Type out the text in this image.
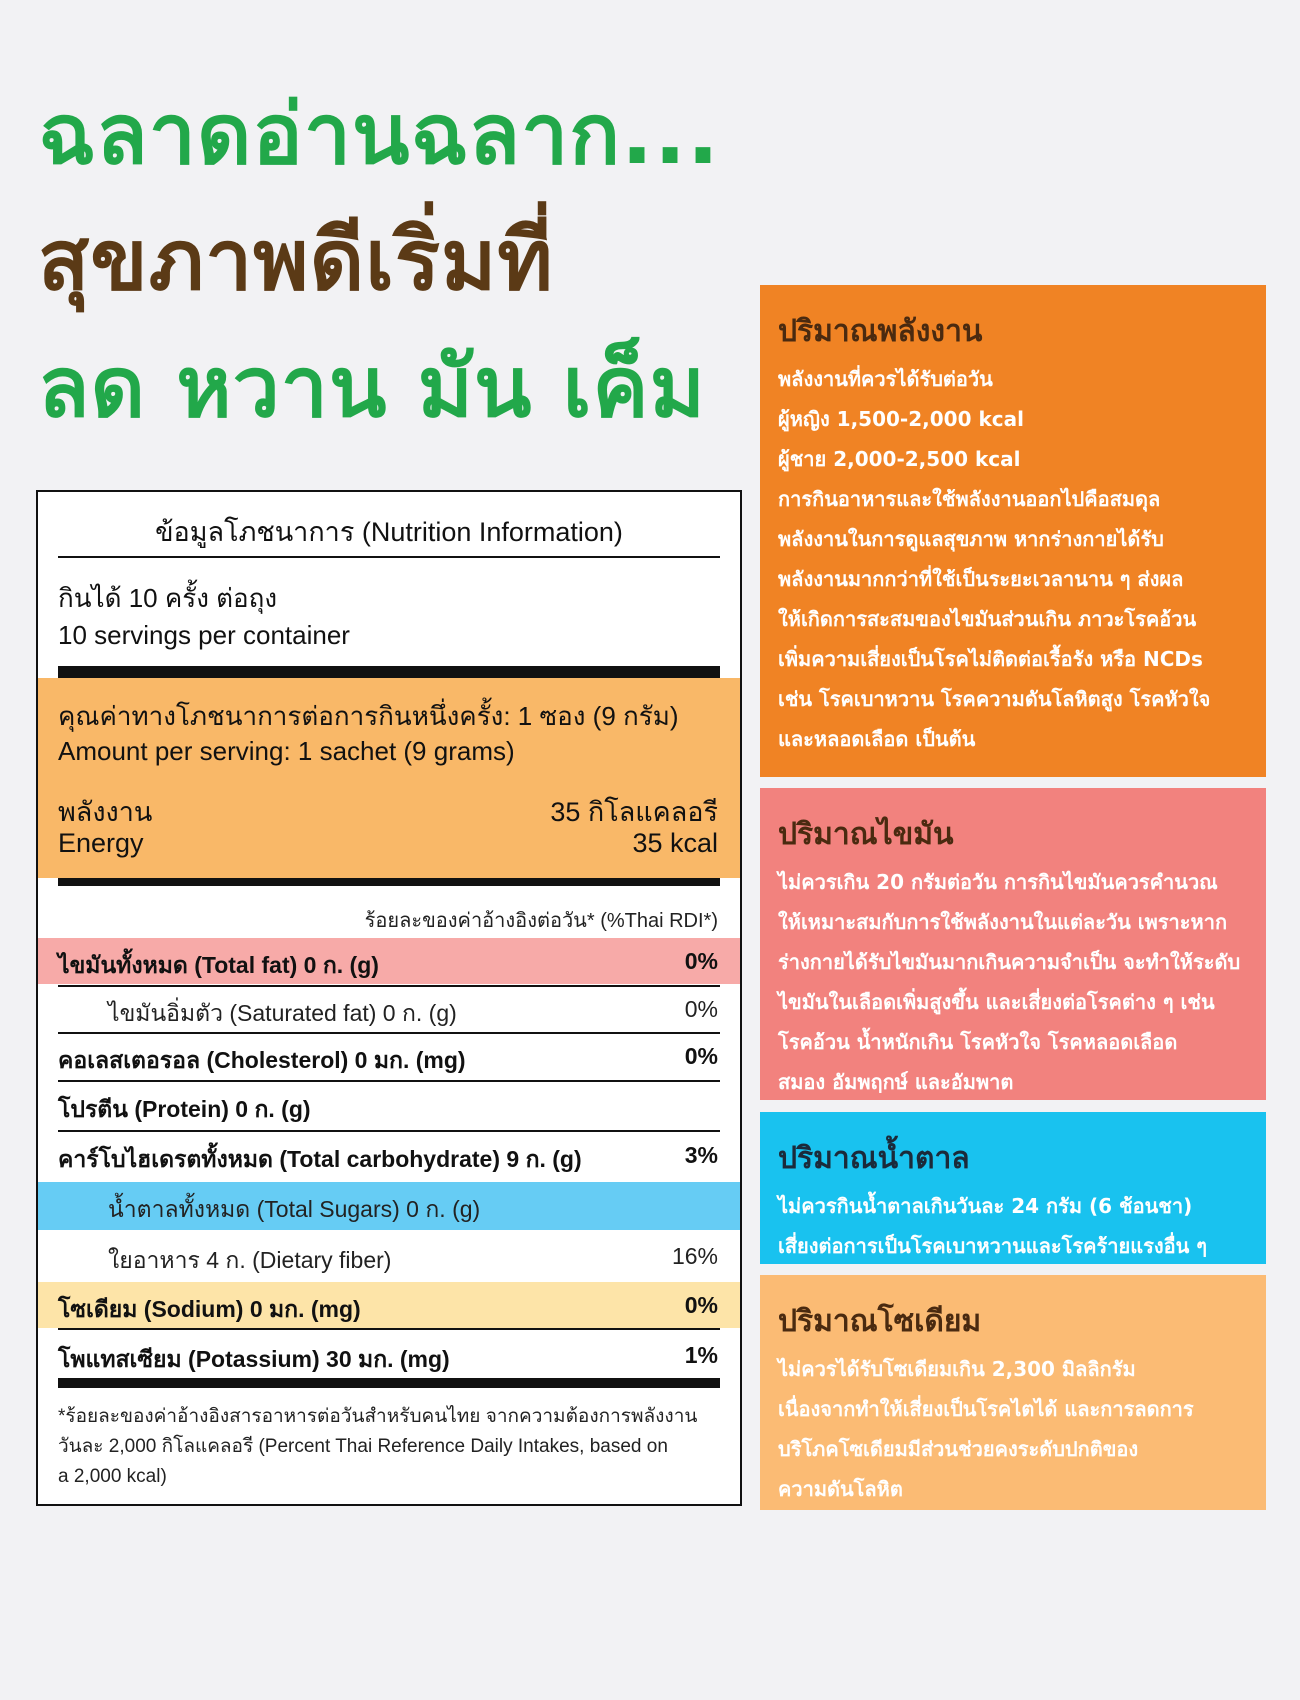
ฉลาดอ่านฉลาก...
สุขภาพดีเริ่มที่
ลด หวาน มัน เค็ม
ข้อมูลโภชนาการ (Nutrition Information)
กินได้ 10 ครั้ง ต่อถุง
10 servings per container
คุณค่าทางโภชนาการต่อการกินหนึ่งครั้ง: 1 ซอง (9 กรัม)
Amount per serving: 1 sachet (9 grams)
พลังงาน	35 กิโลแคลอรี
Energy	35 kcal
ร้อยละของค่าอ้างอิงต่อวัน* (%Thai RDI*)
ไขมันทั้งหมด (Total fat) 0 ก. (g)	0%
ไขมันอิ่มตัว (Saturated fat) 0 ก. (g)	0%
คอเลสเตอรอล (Cholesterol) 0 มก. (mg)	0%
โปรตีน (Protein) 0 ก. (g)
คาร์โบไฮเดรตทั้งหมด (Total carbohydrate) 9 ก. (g)	3%
น้ำตาลทั้งหมด (Total Sugars) 0 ก. (g)
ใยอาหาร 4 ก. (Dietary fiber)	16%
โซเดียม (Sodium) 0 มก. (mg)	0%
โพแทสเซียม (Potassium) 30 มก. (mg)	1%
*ร้อยละของค่าอ้างอิงสารอาหารต่อวันสำหรับคนไทย จากความต้องการพลังงาน
วันละ 2,000 กิโลแคลอรี (Percent Thai Reference Daily Intakes, based on
a 2,000 kcal)
ปริมาณพลังงาน

พลังงานที่ควรได้รับต่อวัน

ผู้หญิง 1,500-2,000 kcal

ผู้ชาย 2,000-2,500 kcal

การกินอาหารและใช้พลังงานออกไปคือสมดุล

พลังงานในการดูแลสุขภาพ หากร่างกายได้รับ

พลังงานมากกว่าที่ใช้เป็นระยะเวลานาน ๆ ส่งผล

ให้เกิดการสะสมของไขมันส่วนเกิน ภาวะโรคอ้วน

เพิ่มความเสี่ยงเป็นโรคไม่ติดต่อเรื้อรัง หรือ NCDs

เช่น โรคเบาหวาน โรคความดันโลหิตสูง โรคหัวใจ

และหลอดเลือด เป็นต้น

ปริมาณไขมัน

ไม่ควรเกิน 20 กรัมต่อวัน การกินไขมันควรคำนวณ

ให้เหมาะสมกับการใช้พลังงานในแต่ละวัน เพราะหาก

ร่างกายได้รับไขมันมากเกินความจำเป็น จะทำให้ระดับ

ไขมันในเลือดเพิ่มสูงขึ้น และเสี่ยงต่อโรคต่าง ๆ เช่น

โรคอ้วน น้ำหนักเกิน โรคหัวใจ โรคหลอดเลือด

สมอง อัมพฤกษ์ และอัมพาต

ปริมาณน้ำตาล

ไม่ควรกินน้ำตาลเกินวันละ 24 กรัม (6 ช้อนชา)

เสี่ยงต่อการเป็นโรคเบาหวานและโรคร้ายแรงอื่น ๆ

ปริมาณโซเดียม

ไม่ควรได้รับโซเดียมเกิน 2,300 มิลลิกรัม

เนื่องจากทำให้เสี่ยงเป็นโรคไตได้ และการลดการ

บริโภคโซเดียมมีส่วนช่วยคงระดับปกติของ

ความดันโลหิต
